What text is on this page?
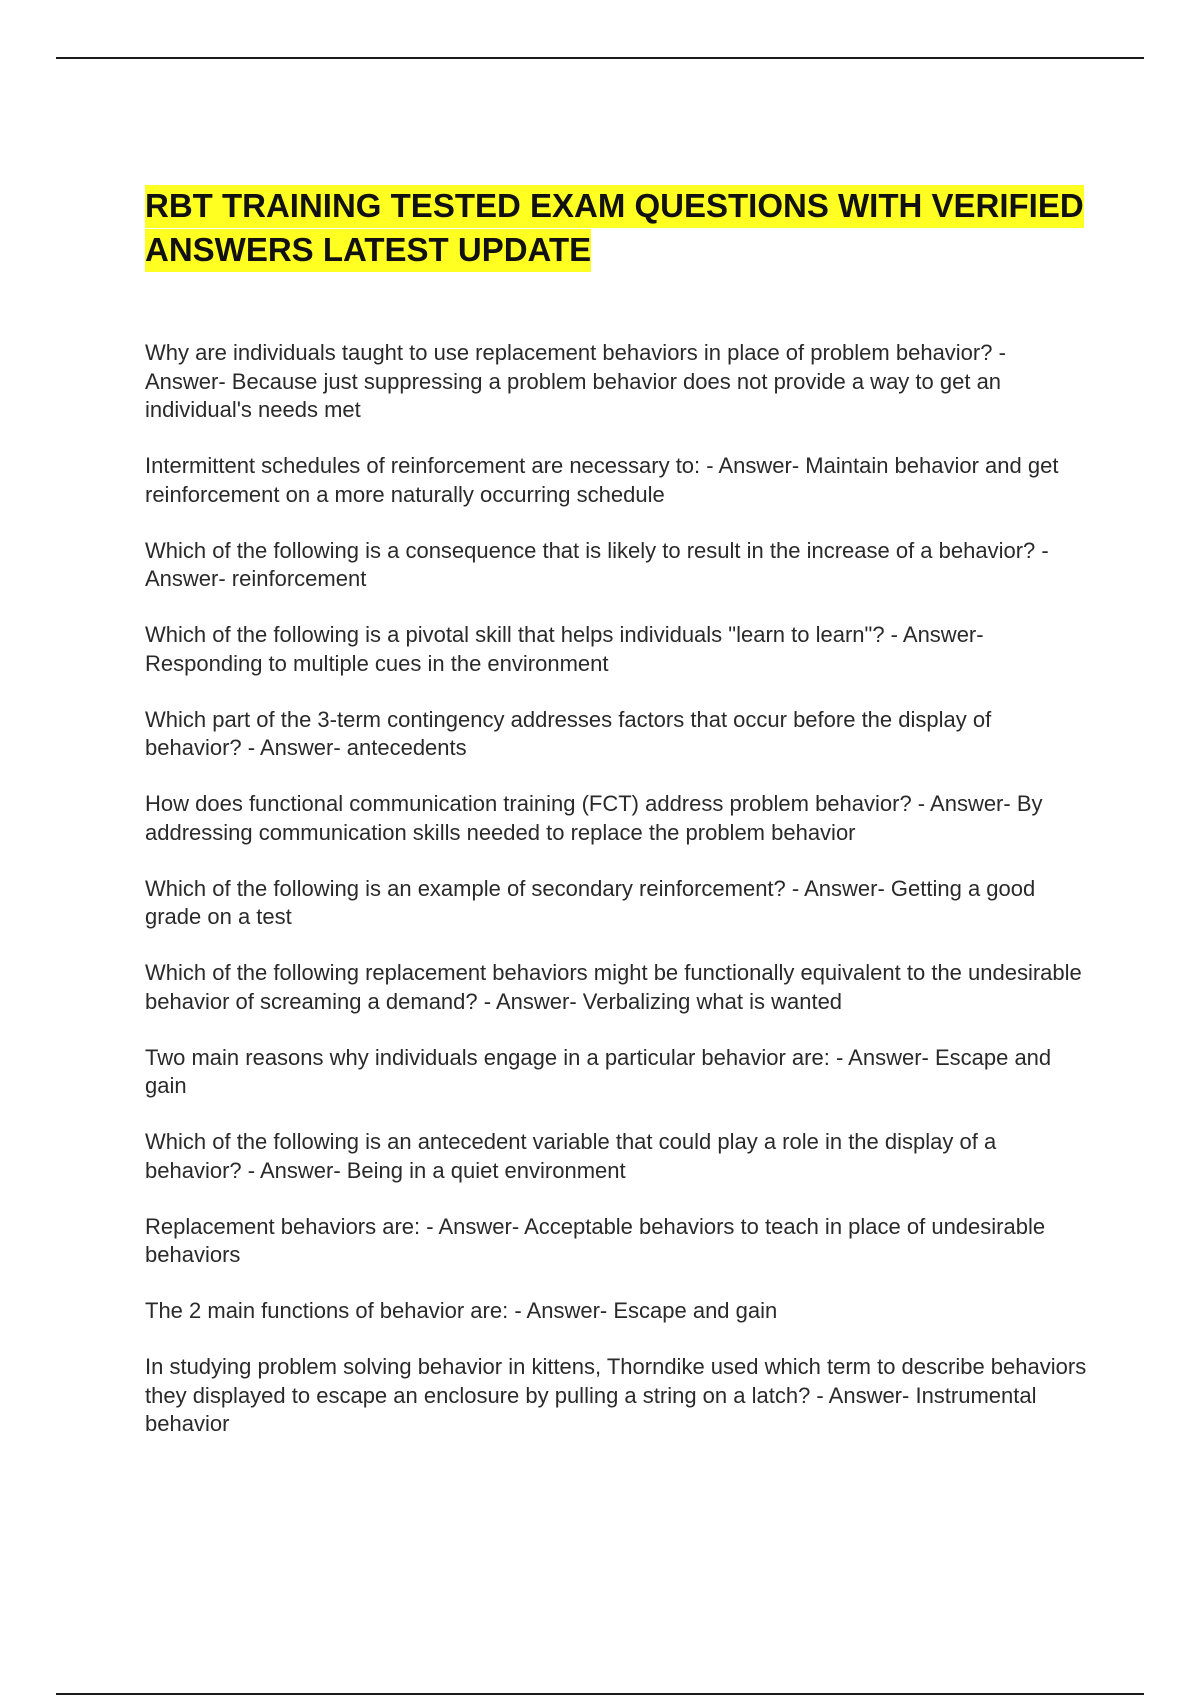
RBT TRAINING TESTED EXAM QUESTIONS WITH VERIFIED ANSWERS LATEST UPDATE
Why are individuals taught to use replacement behaviors in place of problem behavior? - Answer- Because just suppressing a problem behavior does not provide a way to get an individual's needs met
Intermittent schedules of reinforcement are necessary to: - Answer- Maintain behavior and get reinforcement on a more naturally occurring schedule
Which of the following is a consequence that is likely to result in the increase of a behavior? - Answer- reinforcement
Which of the following is a pivotal skill that helps individuals "learn to learn"? - Answer- Responding to multiple cues in the environment
Which part of the 3-term contingency addresses factors that occur before the display of behavior? - Answer- antecedents
How does functional communication training (FCT) address problem behavior? - Answer- By addressing communication skills needed to replace the problem behavior
Which of the following is an example of secondary reinforcement? - Answer- Getting a good grade on a test
Which of the following replacement behaviors might be functionally equivalent to the undesirable behavior of screaming a demand? - Answer- Verbalizing what is wanted
Two main reasons why individuals engage in a particular behavior are: - Answer- Escape and gain
Which of the following is an antecedent variable that could play a role in the display of a behavior? - Answer- Being in a quiet environment
Replacement behaviors are: - Answer- Acceptable behaviors to teach in place of undesirable behaviors
The 2 main functions of behavior are: - Answer- Escape and gain
In studying problem solving behavior in kittens, Thorndike used which term to describe behaviors they displayed to escape an enclosure by pulling a string on a latch? - Answer- Instrumental behavior
